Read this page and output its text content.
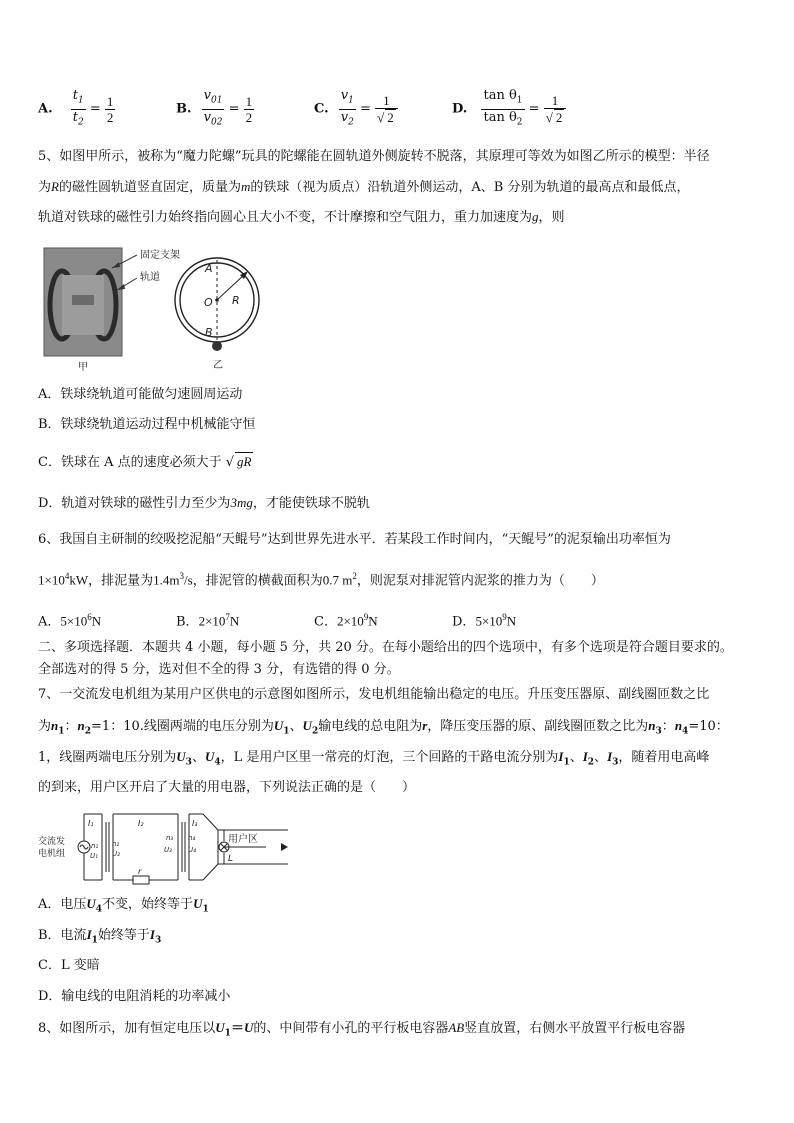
A. $\frac{t_1}{t_2} = \frac{1}{2}$	B. $\frac{v_{01}}{v_{02}} = \frac{1}{2}$	C. $\frac{v_1}{v_2} = \frac{1}{√ 2}$	D. $\frac{\tan \theta_1}{\tan \theta_2} = \frac{1}{√ 2}$
5、如图甲所示，被称为“魔力陀螺”玩具的陀螺能在圆轨道外侧旋转不脱落，其原理可等效为如图乙所示的模型：半径
为R的磁性圆轨道竖直固定，质量为m的铁球（视为质点）沿轨道外侧运动，A、B 分别为轨道的最高点和最低点，
轨道对铁球的磁性引力始终指向圆心且大小不变，不计摩擦和空气阻力，重力加速度为g，则
固定支架
轨道
甲
A
O R
B
乙
A．铁球绕轨道可能做匀速圆周运动
B．铁球绕轨道运动过程中机械能守恒
C．铁球在 A 点的速度必须大于 √ gR
D．轨道对铁球的磁性引力至少为3mg，才能使铁球不脱轨
6、我国自主研制的绞吸挖泥船“天鲲号”达到世界先进水平．若某段工作时间内，“天鲲号”的泥泵输出功率恒为
$1\times 10^4kW$，排泥量为$1.4m^3/s$，排泥管的横截面积为0.7 $m^2$，则泥泵对排泥管内泥浆的推力为（　　）
A．$5\times 10^6N$	B．$2\times 10^7N$	C．$2\times 10^9N$	D．$5\times 10^9N$
二、多项选择题．本题共 4 小题，每小题 5 分，共 20 分。在每小题给出的四个选项中，有多个选项是符合题目要求的。
全部选对的得 5 分，选对但不全的得 3 分，有选错的得 0 分。
7、一交流发电机组为某用户区供电的示意图如图所示，发电机组能输出稳定的电压。升压变压器原、副线圈匝数之比
为$n_1$：$n_2=1$：10.线圈两端的电压分别为$U_1$、$U_2$输电线的总电阻为r，降压变压器的原、副线圈匝数之比为$n_3$：$n_4=10$：
1，线圈两端电压分别为$U_3$、$U_4$，L 是用户区里一常亮的灯泡，三个回路的干路电流分别为$I_1$、$I_2$、$I_3$，随着用电高峰
的到来，用户区开启了大量的用电器，下列说法正确的是（　　）
交流发
电机组
I₁	I₂	I₃
n₁
U₁
n₂
U₂
n₃
U₃
n₄
U₄
r
用户区
L
A．电压$U_4$不变，始终等于$U_1$
B．电流$I_1$始终等于$I_3$
C．L 变暗
D．输电线的电阻消耗的功率减小
8、如图所示，加有恒定电压以$U_1=U$的、中间带有小孔的平行板电容器AB竖直放置，右侧水平放置平行板电容器
